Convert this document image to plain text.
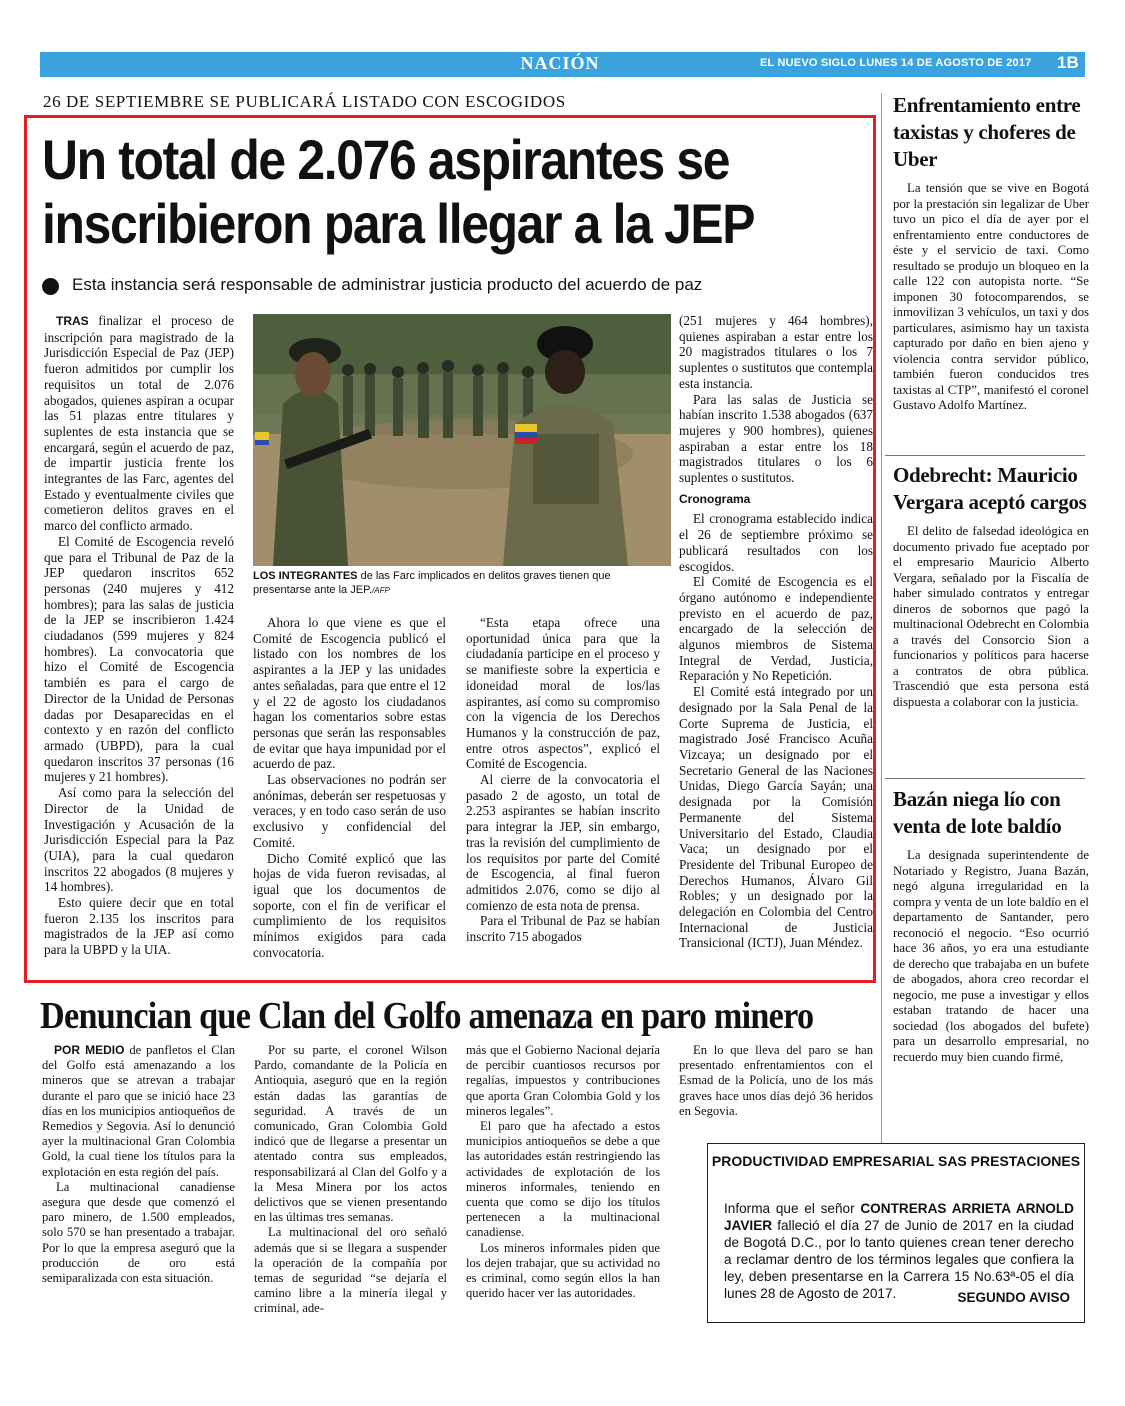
NACIÓN	EL NUEVO SIGLO LUNES 14 DE AGOSTO DE 2017 1B
26 DE SEPTIEMBRE SE PUBLICARÁ LISTADO CON ESCOGIDOS
Un total de 2.076 aspirantes se
inscribieron para llegar a la JEP
Esta instancia será responsable de administrar justicia producto del acuerdo de paz

TRAS finalizar el proceso de inscripción para magistrado de la Jurisdicción Especial de Paz (JEP) fueron admitidos por cumplir los requisitos un total de 2.076 abogados, quienes aspiran a ocupar las 51 plazas entre titulares y suplentes de esta instancia que se encargará, según el acuerdo de paz, de impartir justicia frente los integrantes de las Farc, agentes del Estado y eventualmente civiles que cometieron delitos graves en el marco del conflicto armado.

El Comité de Escogencia reveló que para el Tribunal de Paz de la JEP quedaron inscritos 652 personas (240 mujeres y 412 hombres); para las salas de justicia de la JEP se inscribieron 1.424 ciudadanos (599 mujeres y 824 hombres). La convocatoria que hizo el Comité de Escogencia también es para el cargo de Director de la Unidad de Personas dadas por Desaparecidas en el contexto y en razón del conflicto armado (UBPD), para la cual quedaron inscritos 37 personas (16 mujeres y 21 hombres).

Así como para la selección del Director de la Unidad de Investigación y Acusación de la Jurisdicción Especial para la Paz (UIA), para la cual quedaron inscritos 22 abogados (8 mujeres y 14 hombres).

Esto quiere decir que en total fueron 2.135 los inscritos para magistrados de la JEP así como para la UBPD y la UIA.

LOS INTEGRANTES de las Farc implicados en delitos graves tienen que presentarse ante la JEP./AFP

Ahora lo que viene es que el Comité de Escogencia publicó el listado con los nombres de los aspirantes a la JEP y las unidades antes señaladas, para que entre el 12 y el 22 de agosto los ciudadanos hagan los comentarios sobre estas personas que serán las responsables de evitar que haya impunidad por el acuerdo de paz.

Las observaciones no podrán ser anónimas, deberán ser respetuosas y veraces, y en todo caso serán de uso exclusivo y confidencial del Comité.

Dicho Comité explicó que las hojas de vida fueron revisadas, al igual que los documentos de soporte, con el fin de verificar el cumplimiento de los requisitos mínimos exigidos para cada convocatoria.

“Esta etapa ofrece una oportunidad única para que la ciudadanía participe en el proceso y se manifieste sobre la experticia e idoneidad moral de los/las aspirantes, así como su compromiso con la vigencia de los Derechos Humanos y la construcción de paz, entre otros aspectos”, explicó el Comité de Escogencia.

Al cierre de la convocatoria el pasado 2 de agosto, un total de 2.253 aspirantes se habían inscrito para integrar la JEP, sin embargo, tras la revisión del cumplimiento de los requisitos por parte del Comité de Escogencia, al final fueron admitidos 2.076, como se dijo al comienzo de esta nota de prensa.

Para el Tribunal de Paz se habían inscrito 715 abogados

(251 mujeres y 464 hombres), quienes aspiraban a estar entre los 20 magistrados titulares o los 7 suplentes o sustitutos que contempla esta instancia.

Para las salas de Justicia se habían inscrito 1.538 abogados (637 mujeres y 900 hombres), quienes aspiraban a estar entre los 18 magistrados titulares o los 6 suplentes o sustitutos.

Cronograma

El cronograma establecido indica el 26 de septiembre próximo se publicará resultados con los escogidos.

El Comité de Escogencia es el órgano autónomo e independiente previsto en el acuerdo de paz, encargado de la selección de algunos miembros de Sistema Integral de Verdad, Justicia, Reparación y No Repetición.

El Comité está integrado por un designado por la Sala Penal de la Corte Suprema de Justicia, el magistrado José Francisco Acuña Vizcaya; un designado por el Secretario General de las Naciones Unidas, Diego García Sayán; una designada por la Comisión Permanente del Sistema Universitario del Estado, Claudia Vaca; un designado por el Presidente del Tribunal Europeo de Derechos Humanos, Álvaro Gil Robles; y un designado por la delegación en Colombia del Centro Internacional de Justicia Transicional (ICTJ), Juan Méndez.

Enfrentamiento entre taxistas y choferes de Uber

La tensión que se vive en Bogotá por la prestación sin legalizar de Uber tuvo un pico el día de ayer por el enfrentamiento entre conductores de éste y el servicio de taxi. Como resultado se produjo un bloqueo en la calle 122 con autopista norte. “Se imponen 30 fotocomparendos, se inmovilizan 3 vehículos, un taxi y dos particulares, asimismo hay un taxista capturado por daño en bien ajeno y violencia contra servidor público, también fueron conducidos tres taxistas al CTP”, manifestó el coronel Gustavo Adolfo Martínez.

Odebrecht: Mauricio Vergara aceptó cargos

El delito de falsedad ideológica en documento privado fue aceptado por el empresario Mauricio Alberto Vergara, señalado por la Fiscalía de haber simulado contratos y entregar dineros de sobornos que pagó la multinacional Odebrecht en Colombia a través del Consorcio Sion a funcionarios y políticos para hacerse a contratos de obra pública. Trascendió que esta persona está dispuesta a colaborar con la justicia.

Bazán niega lío con venta de lote baldío

La designada superintendente de Notariado y Registro, Juana Bazán, negó alguna irregularidad en la compra y venta de un lote baldío en el departamento de Santander, pero reconoció el negocio. “Eso ocurrió hace 36 años, yo era una estudiante de derecho que trabajaba en un bufete de abogados, ahora creo recordar el negocio, me puse a investigar y ellos estaban tratando de hacer una sociedad (los abogados del bufete) para un desarrollo empresarial, no recuerdo muy bien cuando firmé,

Denuncian que Clan del Golfo amenaza en paro minero

POR MEDIO de panfletos el Clan del Golfo está amenazando a los mineros que se atrevan a trabajar durante el paro que se inició hace 23 días en los municipios antioqueños de Remedios y Segovia. Así lo denunció ayer la multinacional Gran Colombia Gold, la cual tiene los títulos para la explotación en esta región del país.

La multinacional canadiense asegura que desde que comenzó el paro minero, de 1.500 empleados, solo 570 se han presentado a trabajar. Por lo que la empresa aseguró que la producción de oro está semiparalizada con esta situación.

Por su parte, el coronel Wilson Pardo, comandante de la Policía en Antioquia, aseguró que en la región están dadas las garantías de seguridad. A través de un comunicado, Gran Colombia Gold indicó que de llegarse a presentar un atentado contra sus empleados, responsabilizará al Clan del Golfo y a la Mesa Minera por los actos delictivos que se vienen presentando en las últimas tres semanas.

La multinacional del oro señaló además que si se llegara a suspender la operación de la compañía por temas de seguridad “se dejaría el camino libre a la minería ilegal y criminal, ade-

más que el Gobierno Nacional dejaría de percibir cuantiosos recursos por regalías, impuestos y contribuciones que aporta Gran Colombia Gold y los mineros legales”.

El paro que ha afectado a estos municipios antioqueños se debe a que las autoridades están restringiendo las actividades de explotación de los mineros informales, teniendo en cuenta que como se dijo los títulos pertenecen a la multinacional canadiense.

Los mineros informales piden que los dejen trabajar, que su actividad no es criminal, como según ellos la han querido hacer ver las autoridades.

En lo que lleva del paro se han presentado enfrentamientos con el Esmad de la Policía, uno de los más graves hace unos días dejó 36 heridos en Segovia.

PRODUCTIVIDAD EMPRESARIAL SAS PRESTACIONES
Informa que el señor CONTRERAS ARRIETA ARNOLD JAVIER falleció el día 27 de Junio de 2017 en la ciudad de Bogotá D.C., por lo tanto quienes crean tener derecho a reclamar dentro de los términos legales que confiera la ley, deben presentarse en la Carrera 15 No.63ª-05 el día lunes 28 de Agosto de 2017.	SEGUNDO AVISO
